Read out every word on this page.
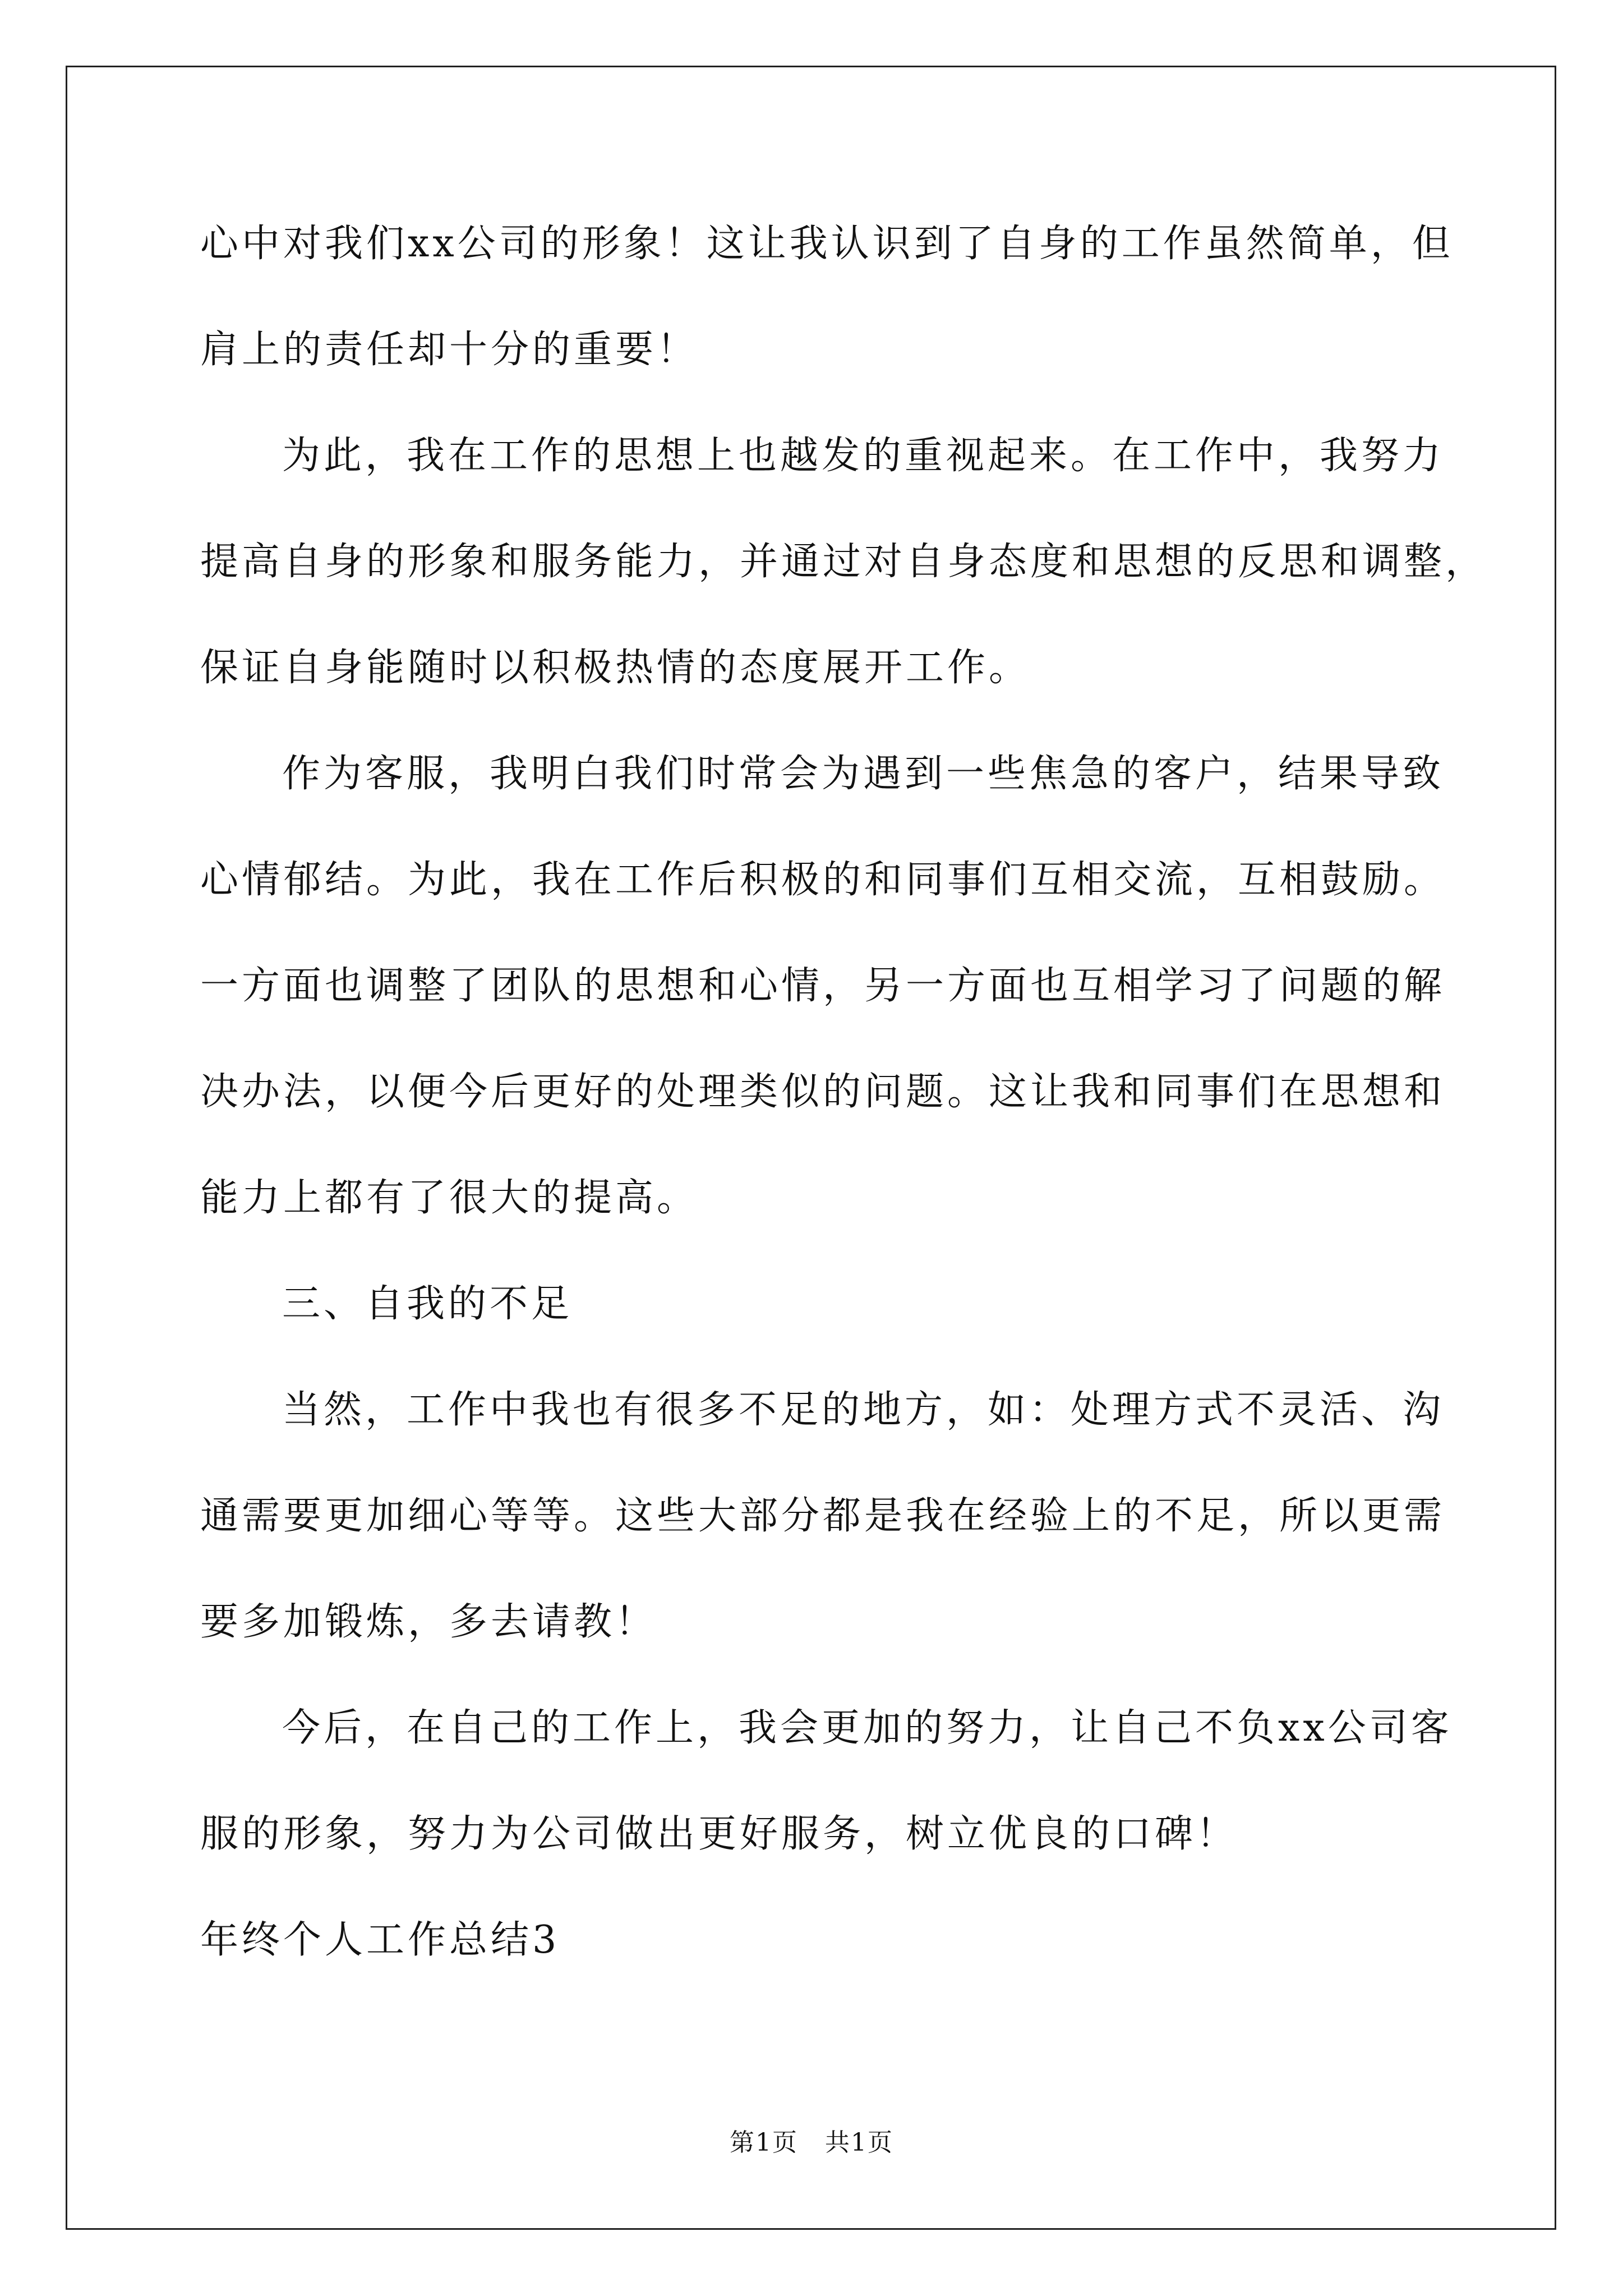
心中对我们xx公司的形象！这让我认识到了自身的工作虽然简单，但
肩上的责任却十分的重要！
为此，我在工作的思想上也越发的重视起来。在工作中，我努力
提高自身的形象和服务能力，并通过对自身态度和思想的反思和调整，
保证自身能随时以积极热情的态度展开工作。
作为客服，我明白我们时常会为遇到一些焦急的客户，结果导致
心情郁结。为此，我在工作后积极的和同事们互相交流，互相鼓励。
一方面也调整了团队的思想和心情，另一方面也互相学习了问题的解
决办法，以便今后更好的处理类似的问题。这让我和同事们在思想和
能力上都有了很大的提高。
三、自我的不足
当然，工作中我也有很多不足的地方，如：处理方式不灵活、沟
通需要更加细心等等。这些大部分都是我在经验上的不足，所以更需
要多加锻炼，多去请教！
今后，在自己的工作上，我会更加的努力，让自己不负xx公司客
服的形象，努力为公司做出更好服务，树立优良的口碑！
年终个人工作总结3
第1页   共1页
